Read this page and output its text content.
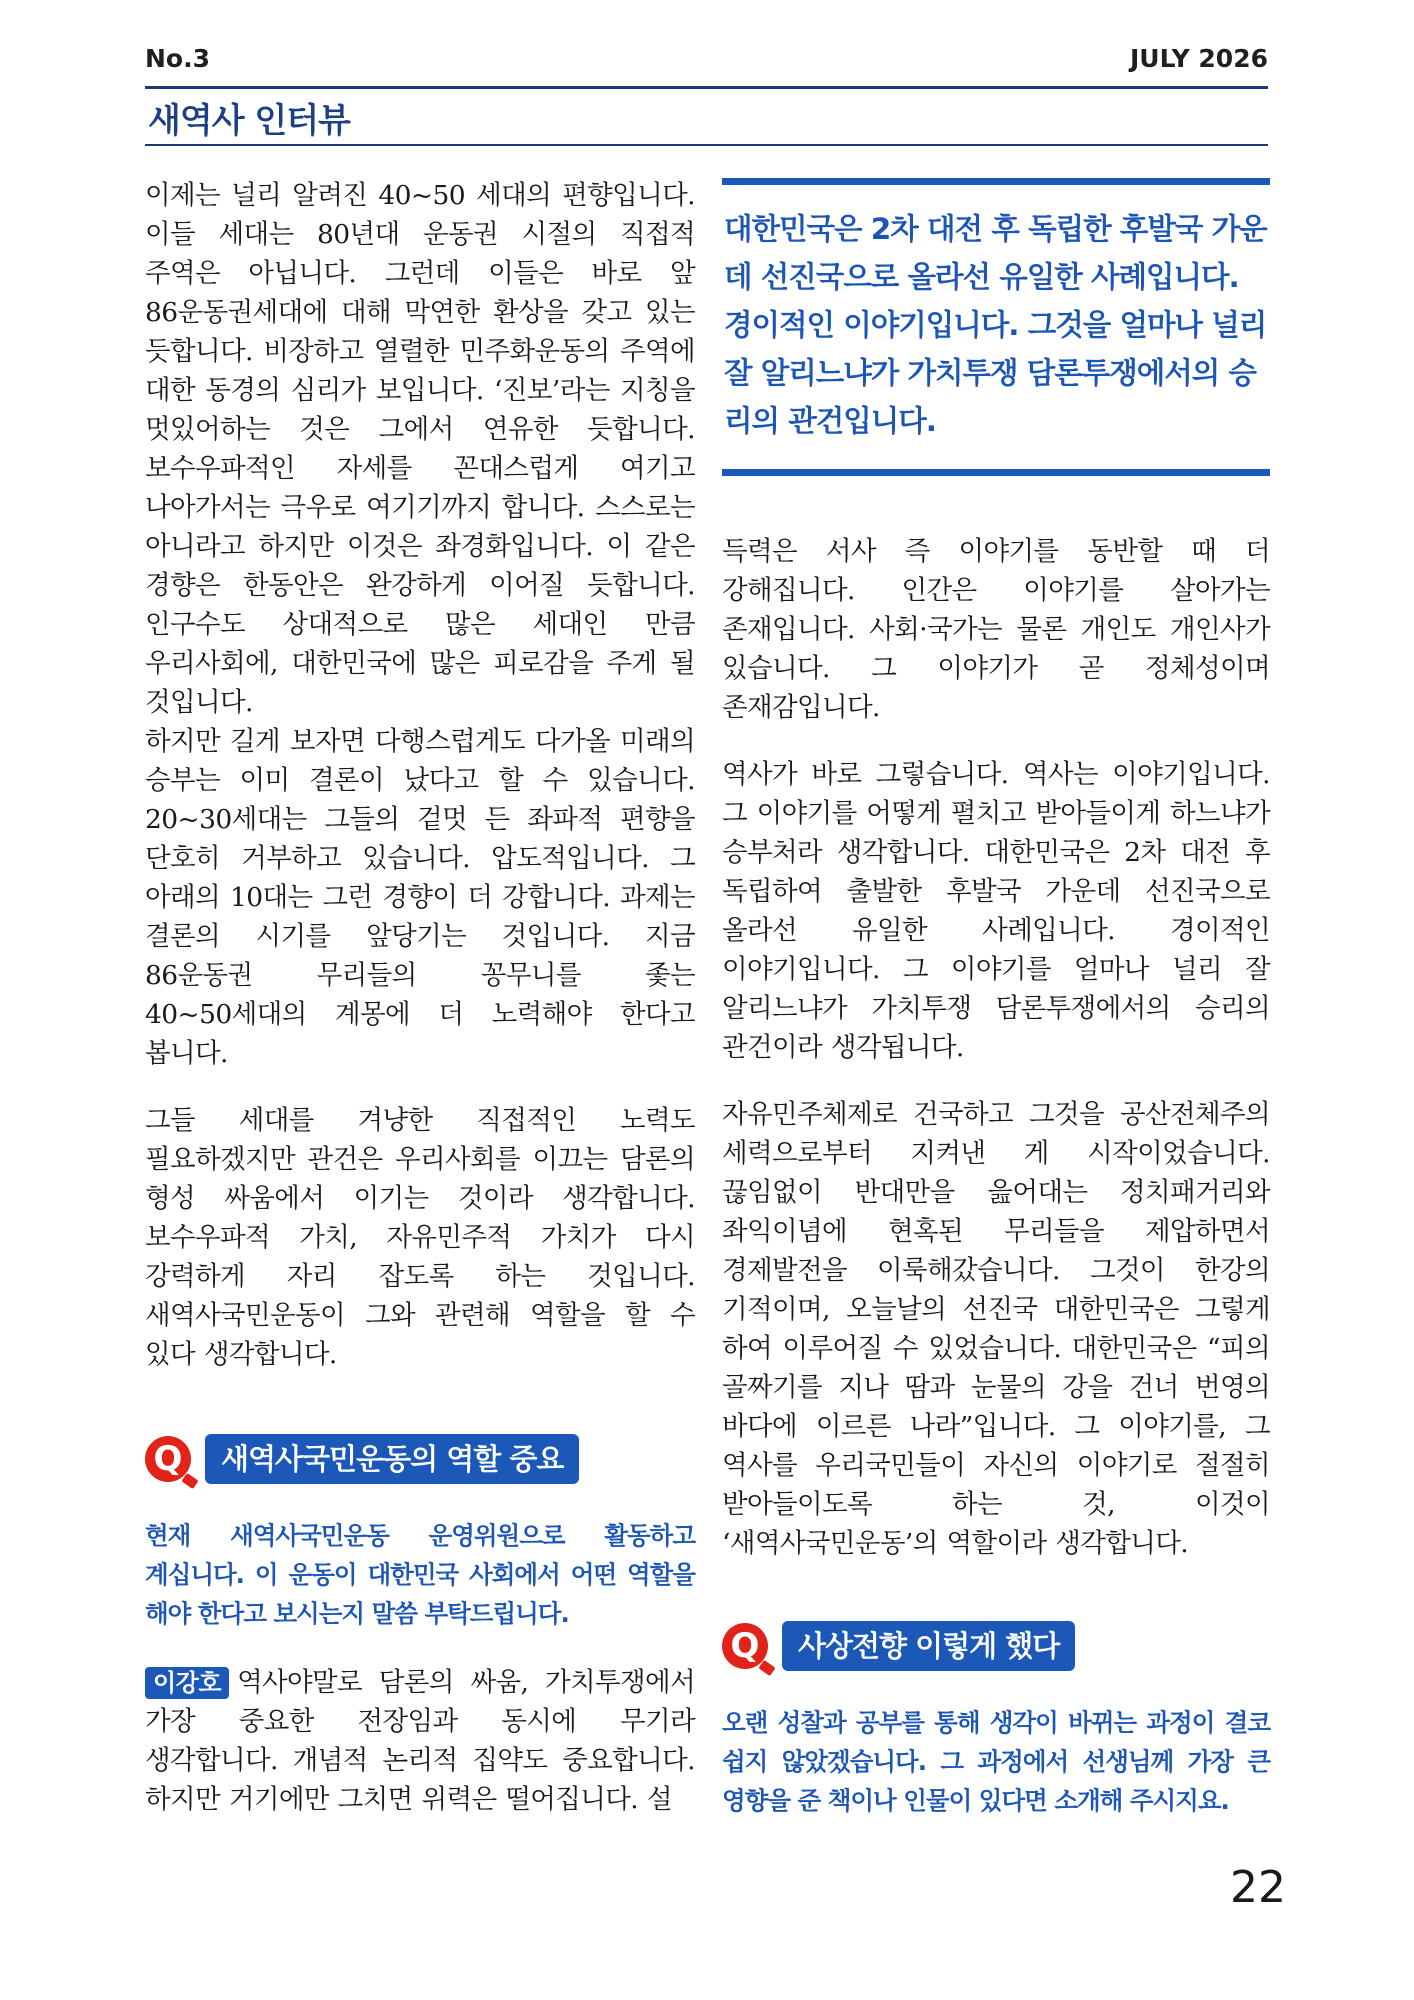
No.3	JULY 2026
새역사 인터뷰

이제는 널리 알려진 40~50 세대의 편향입니다. 이들 세대는 80년대 운동권 시절의 직접적 주역은 아닙니다. 그런데 이들은 바로 앞 86운동권세대에 대해 막연한 환상을 갖고 있는 듯합니다. 비장하고 열렬한 민주화운동의 주역에 대한 동경의 심리가 보입니다. ‘진보’라는 지칭을 멋있어하는 것은 그에서 연유한 듯합니다. 보수우파적인 자세를 꼰대스럽게 여기고 나아가서는 극우로 여기기까지 합니다. 스스로는 아니라고 하지만 이것은 좌경화입니다. 이 같은 경향은 한동안은 완강하게 이어질 듯합니다. 인구수도 상대적으로 많은 세대인 만큼 우리사회에, 대한민국에 많은 피로감을 주게 될 것입니다.

하지만 길게 보자면 다행스럽게도 다가올 미래의 승부는 이미 결론이 났다고 할 수 있습니다. 20~30세대는 그들의 겉멋 든 좌파적 편향을 단호히 거부하고 있습니다. 압도적입니다. 그 아래의 10대는 그런 경향이 더 강합니다. 과제는 결론의 시기를 앞당기는 것입니다. 지금 86운동권 무리들의 꽁무니를 좇는 40~50세대의 계몽에 더 노력해야 한다고 봅니다.

그들 세대를 겨냥한 직접적인 노력도 필요하겠지만 관건은 우리사회를 이끄는 담론의 형성 싸움에서 이기는 것이라 생각합니다. 보수우파적 가치, 자유민주적 가치가 다시 강력하게 자리 잡도록 하는 것입니다. 새역사국민운동이 그와 관련해 역할을 할 수 있다 생각합니다.

Q	새역사국민운동의 역할 중요

현재 새역사국민운동 운영위원으로 활동하고 계십니다. 이 운동이 대한민국 사회에서 어떤 역할을 해야 한다고 보시는지 말씀 부탁드립니다.

이강호 역사야말로 담론의 싸움, 가치투쟁에서 가장 중요한 전장임과 동시에 무기라 생각합니다. 개념적 논리적 집약도 중요합니다. 하지만 거기에만 그치면 위력은 떨어집니다. 설

대한민국은 2차 대전 후 독립한 후발국 가운데 선진국으로 올라선 유일한 사례입니다. 경이적인 이야기입니다. 그것을 얼마나 널리 잘 알리느냐가 가치투쟁 담론투쟁에서의 승리의 관건입니다.

득력은 서사 즉 이야기를 동반할 때 더 강해집니다. 인간은 이야기를 살아가는 존재입니다. 사회·국가는 물론 개인도 개인사가 있습니다. 그 이야기가 곧 정체성이며 존재감입니다.

역사가 바로 그렇습니다. 역사는 이야기입니다. 그 이야기를 어떻게 펼치고 받아들이게 하느냐가 승부처라 생각합니다. 대한민국은 2차 대전 후 독립하여 출발한 후발국 가운데 선진국으로 올라선 유일한 사례입니다. 경이적인 이야기입니다. 그 이야기를 얼마나 널리 잘 알리느냐가 가치투쟁 담론투쟁에서의 승리의 관건이라 생각됩니다.

자유민주체제로 건국하고 그것을 공산전체주의 세력으로부터 지켜낸 게 시작이었습니다. 끊임없이 반대만을 읊어대는 정치패거리와 좌익이념에 현혹된 무리들을 제압하면서 경제발전을 이룩해갔습니다. 그것이 한강의 기적이며, 오늘날의 선진국 대한민국은 그렇게 하여 이루어질 수 있었습니다. 대한민국은 “피의 골짜기를 지나 땀과 눈물의 강을 건너 번영의 바다에 이르른 나라”입니다. 그 이야기를, 그 역사를 우리국민들이 자신의 이야기로 절절히 받아들이도록 하는 것, 이것이 ‘새역사국민운동’의 역할이라 생각합니다.

Q	사상전향 이렇게 했다

오랜 성찰과 공부를 통해 생각이 바뀌는 과정이 결코 쉽지 않았겠습니다. 그 과정에서 선생님께 가장 큰 영향을 준 책이나 인물이 있다면 소개해 주시지요.

22
